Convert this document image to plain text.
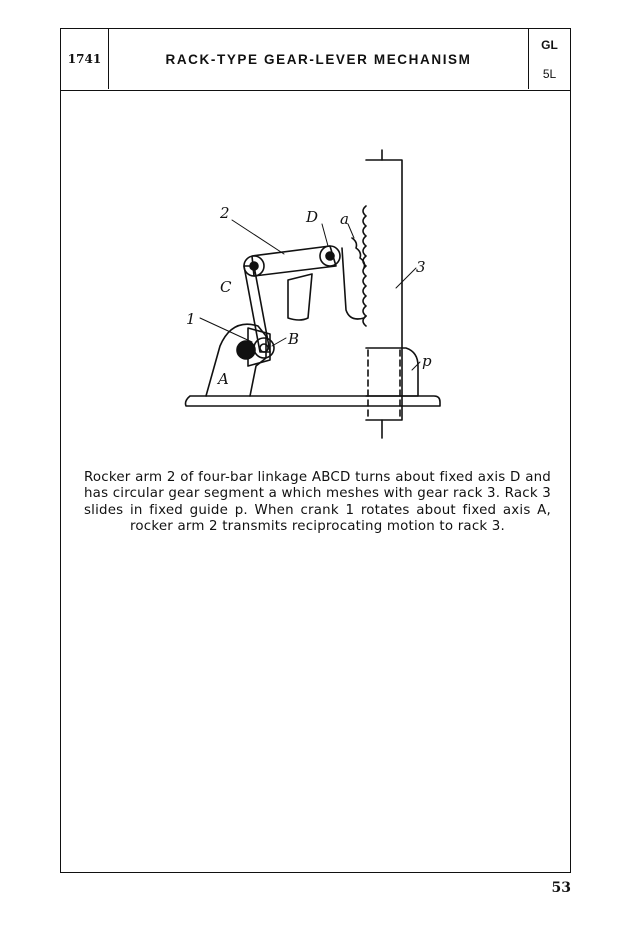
1741	RACK-TYPE GEAR-LEVER MECHANISM
GL
5L
2	D a
3
C
1
B
A
p
Rocker arm 2 of four-bar linkage ABCD turns about fixed axis D and has circular gear segment a which meshes with gear rack 3. Rack 3 slides in fixed guide p. When crank 1 rotates about fixed axis A, rocker arm 2 transmits reciprocating motion to rack 3.
53
